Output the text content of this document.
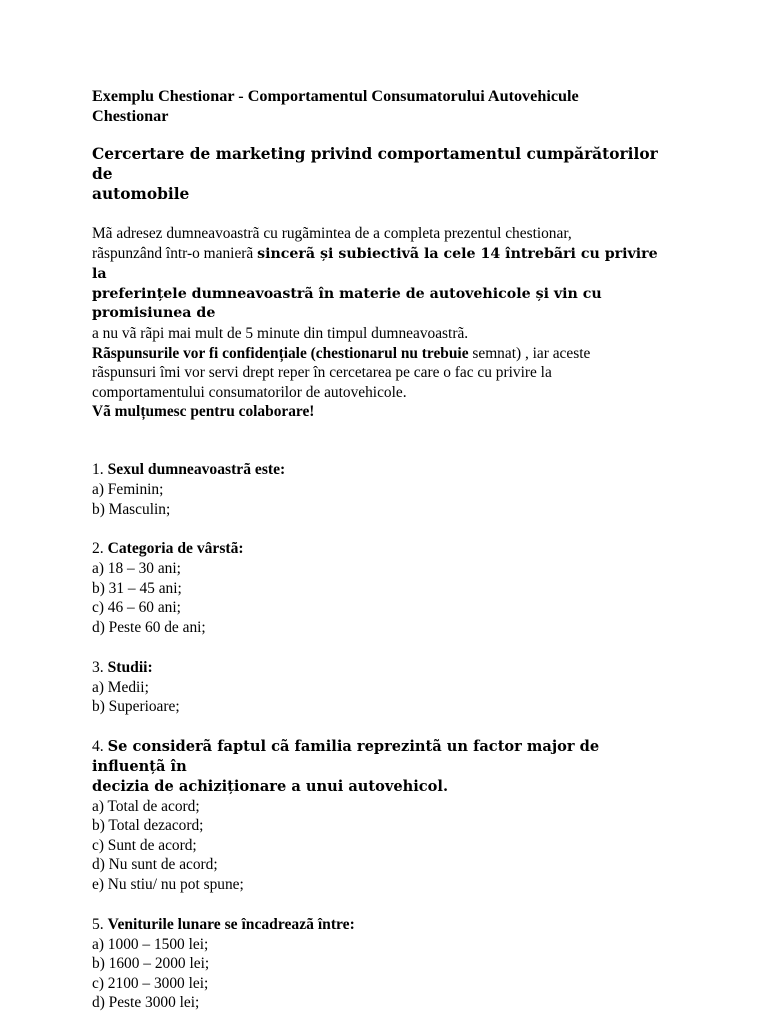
Exemplu Chestionar - Comportamentul Consumatorului Autovehicule
Chestionar
Cercertare de marketing privind comportamentul cumpărătorilor de
automobile

Mã adresez dumneavoastrã cu rugãmintea de a completa prezentul chestionar,

rãspunzând într-o manierã sincerã și subiectivã la cele 14 întrebãri cu privire la

preferințele dumneavoastrã în materie de autovehicole și vin cu promisiunea de

a nu vã rãpi mai mult de 5 minute din timpul dumneavoastrã.

Rãspunsurile vor fi confidențiale (chestionarul nu trebuie semnat) , iar aceste

rãspunsuri îmi vor servi drept reper în cercetarea pe care o fac cu privire la

comportamentului consumatorilor de autovehicole.

Vã mulțumesc pentru colaborare!

1. Sexul dumneavoastrã este:

a) Feminin;

b) Masculin;

2. Categoria de vârstã:

a) 18 – 30 ani;

b) 31 – 45 ani;

c) 46 – 60 ani;

d) Peste 60 de ani;

3. Studii:

a) Medii;

b) Superioare;

4. Se considerã faptul cã familia reprezintã un factor major de influențã în

decizia de achiziționare a unui autovehicol.

a) Total de acord;

b) Total dezacord;

c) Sunt de acord;

d) Nu sunt de acord;

e) Nu stiu/ nu pot spune;

5. Veniturile lunare se încadreazã între:

a) 1000 – 1500 lei;

b) 1600 – 2000 lei;

c) 2100 – 3000 lei;

d) Peste 3000 lei;
